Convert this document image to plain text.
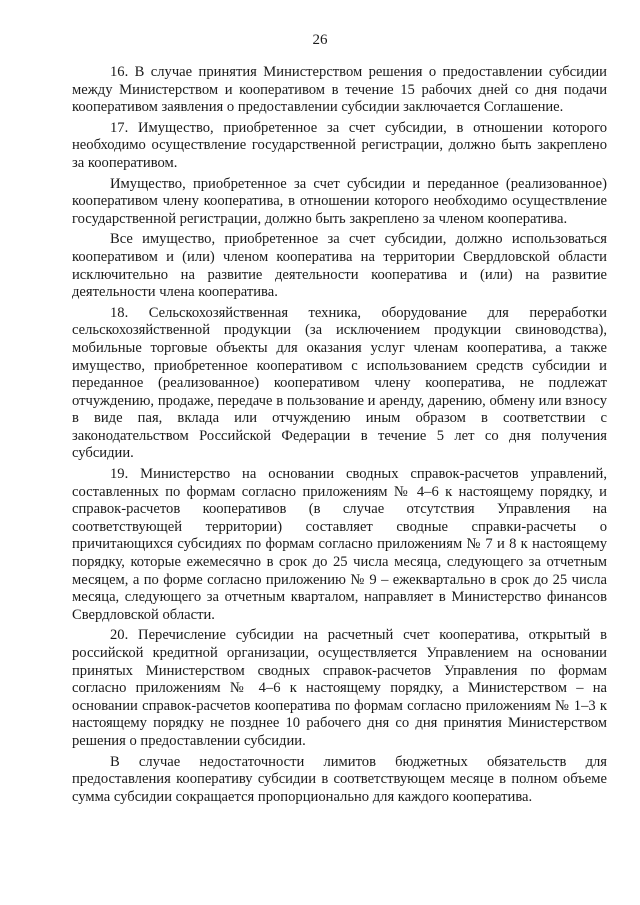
26

16. В случае принятия Министерством решения о предоставлении субсидии между Министерством и кооперативом в течение 15 рабочих дней со дня подачи кооперативом заявления о предоставлении субсидии заключается Соглашение.

17. Имущество, приобретенное за счет субсидии, в отношении которого необходимо осуществление государственной регистрации, должно быть закреплено за кооперативом.

Имущество, приобретенное за счет субсидии и переданное (реализованное) кооперативом члену кооператива, в отношении которого необходимо осуществление государственной регистрации, должно быть закреплено за членом кооператива.

Все имущество, приобретенное за счет субсидии, должно использоваться кооперативом и (или) членом кооператива на территории Свердловской области исключительно на развитие деятельности кооператива и (или) на развитие деятельности члена кооператива.

18. Сельскохозяйственная техника, оборудование для переработки сельскохозяйственной продукции (за исключением продукции свиноводства), мобильные торговые объекты для оказания услуг членам кооператива, а также имущество, приобретенное кооперативом с использованием средств субсидии и переданное (реализованное) кооперативом члену кооператива, не подлежат отчуждению, продаже, передаче в пользование и аренду, дарению, обмену или взносу в виде пая, вклада или отчуждению иным образом в соответствии с законодательством Российской Федерации в течение 5 лет со дня получения субсидии.

19. Министерство на основании сводных справок-расчетов управлений, составленных по формам согласно приложениям № 4–6 к настоящему порядку, и справок-расчетов кооперативов (в случае отсутствия Управления на соответствующей территории) составляет сводные справки-расчеты о причитающихся субсидиях по формам согласно приложениям № 7 и 8 к настоящему порядку, которые ежемесячно в срок до 25 числа месяца, следующего за отчетным месяцем, а по форме согласно приложению № 9 – ежеквартально в срок до 25 числа месяца, следующего за отчетным кварталом, направляет в Министерство финансов Свердловской области.

20. Перечисление субсидии на расчетный счет кооператива, открытый в российской кредитной организации, осуществляется Управлением на основании принятых Министерством сводных справок-расчетов Управления по формам согласно приложениям № 4–6 к настоящему порядку, а Министерством – на основании справок-расчетов кооператива по формам согласно приложениям № 1–3 к настоящему порядку не позднее 10 рабочего дня со дня принятия Министерством решения о предоставлении субсидии.

В случае недостаточности лимитов бюджетных обязательств для предоставления кооперативу субсидии в соответствующем месяце в полном объеме сумма субсидии сокращается пропорционально для каждого кооператива.
